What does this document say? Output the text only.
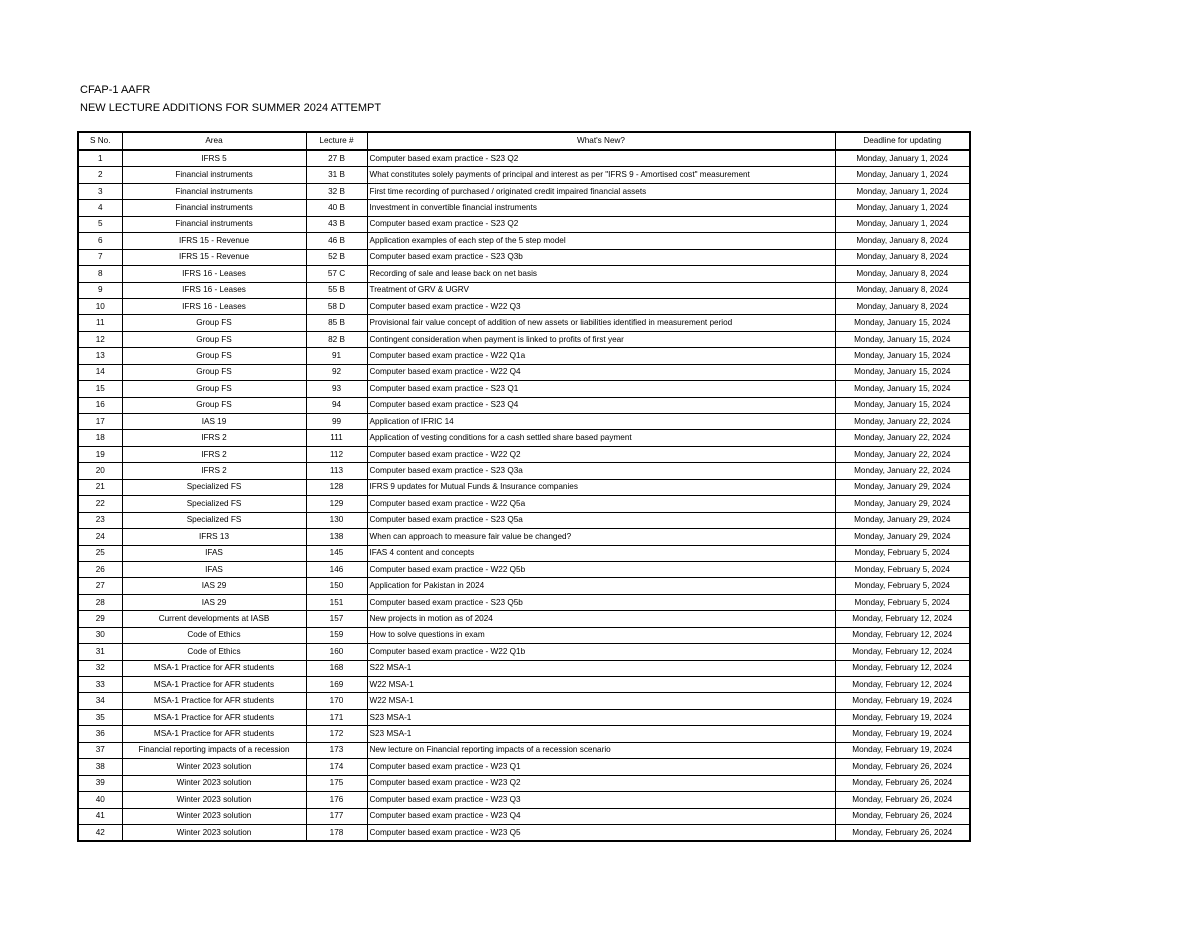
CFAP-1 AAFR
NEW LECTURE ADDITIONS FOR SUMMER 2024 ATTEMPT
S No.	Area	Lecture #	What's New?	Deadline for updating
1	IFRS 5	27 B	Computer based exam practice - S23 Q2	Monday, January 1, 2024
2	Financial instruments	31 B	What constitutes solely payments of principal and interest as per "IFRS 9 - Amortised cost" measurement	Monday, January 1, 2024
3	Financial instruments	32 B	First time recording of purchased / originated credit impaired financial assets	Monday, January 1, 2024
4	Financial instruments	40 B	Investment in convertible financial instruments	Monday, January 1, 2024
5	Financial instruments	43 B	Computer based exam practice - S23 Q2	Monday, January 1, 2024
6	IFRS 15 - Revenue	46 B	Application examples of each step of the 5 step model	Monday, January 8, 2024
7	IFRS 15 - Revenue	52 B	Computer based exam practice - S23 Q3b	Monday, January 8, 2024
8	IFRS 16 - Leases	57 C	Recording of sale and lease back on net basis	Monday, January 8, 2024
9	IFRS 16 - Leases	55 B	Treatment of GRV & UGRV	Monday, January 8, 2024
10	IFRS 16 - Leases	58 D	Computer based exam practice - W22 Q3	Monday, January 8, 2024
11	Group FS	85 B	Provisional fair value concept of addition of new assets or liabilities identified in measurement period	Monday, January 15, 2024
12	Group FS	82 B	Contingent consideration when payment is linked to profits of first year	Monday, January 15, 2024
13	Group FS	91	Computer based exam practice - W22 Q1a	Monday, January 15, 2024
14	Group FS	92	Computer based exam practice - W22 Q4	Monday, January 15, 2024
15	Group FS	93	Computer based exam practice - S23 Q1	Monday, January 15, 2024
16	Group FS	94	Computer based exam practice - S23 Q4	Monday, January 15, 2024
17	IAS 19	99	Application of IFRIC 14	Monday, January 22, 2024
18	IFRS 2	111	Application of vesting conditions for a cash settled share based payment	Monday, January 22, 2024
19	IFRS 2	112	Computer based exam practice - W22 Q2	Monday, January 22, 2024
20	IFRS 2	113	Computer based exam practice - S23 Q3a	Monday, January 22, 2024
21	Specialized FS	128	IFRS 9 updates for Mutual Funds & Insurance companies	Monday, January 29, 2024
22	Specialized FS	129	Computer based exam practice - W22 Q5a	Monday, January 29, 2024
23	Specialized FS	130	Computer based exam practice - S23 Q5a	Monday, January 29, 2024
24	IFRS 13	138	When can approach to measure fair value be changed?	Monday, January 29, 2024
25	IFAS	145	IFAS 4 content and concepts	Monday, February 5, 2024
26	IFAS	146	Computer based exam practice - W22 Q5b	Monday, February 5, 2024
27	IAS 29	150	Application for Pakistan in 2024	Monday, February 5, 2024
28	IAS 29	151	Computer based exam practice - S23 Q5b	Monday, February 5, 2024
29	Current developments at IASB	157	New projects in motion as of 2024	Monday, February 12, 2024
30	Code of Ethics	159	How to solve questions in exam	Monday, February 12, 2024
31	Code of Ethics	160	Computer based exam practice - W22 Q1b	Monday, February 12, 2024
32	MSA-1 Practice for AFR students	168	S22 MSA-1	Monday, February 12, 2024
33	MSA-1 Practice for AFR students	169	W22 MSA-1	Monday, February 12, 2024
34	MSA-1 Practice for AFR students	170	W22 MSA-1	Monday, February 19, 2024
35	MSA-1 Practice for AFR students	171	S23 MSA-1	Monday, February 19, 2024
36	MSA-1 Practice for AFR students	172	S23 MSA-1	Monday, February 19, 2024
37	Financial reporting impacts of a recession	173	New lecture on Financial reporting impacts of a recession scenario	Monday, February 19, 2024
38	Winter 2023 solution	174	Computer based exam practice - W23 Q1	Monday, February 26, 2024
39	Winter 2023 solution	175	Computer based exam practice - W23 Q2	Monday, February 26, 2024
40	Winter 2023 solution	176	Computer based exam practice - W23 Q3	Monday, February 26, 2024
41	Winter 2023 solution	177	Computer based exam practice - W23 Q4	Monday, February 26, 2024
42	Winter 2023 solution	178	Computer based exam practice - W23 Q5	Monday, February 26, 2024
